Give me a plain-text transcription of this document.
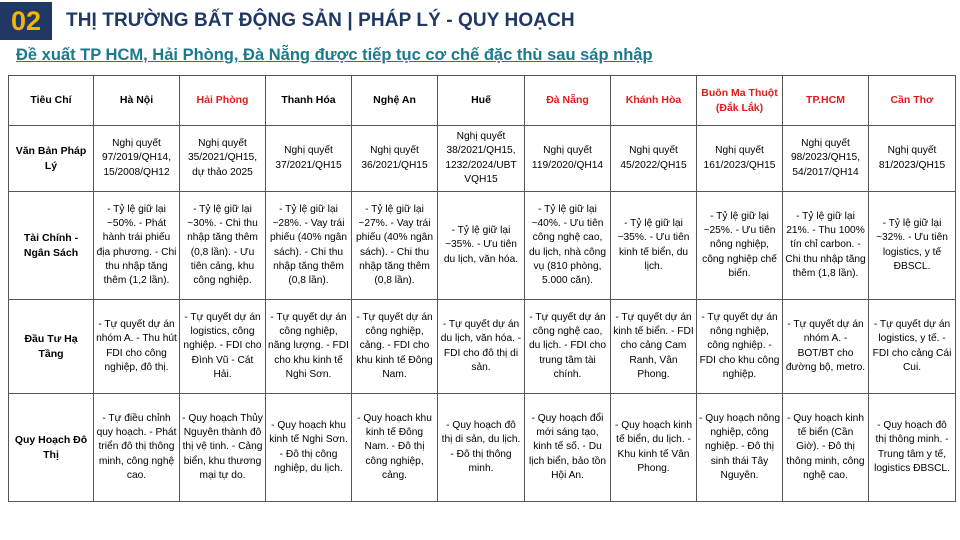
02	THỊ TRƯỜNG BẤT ĐỘNG SẢN | PHÁP LÝ - QUY HOẠCH
Đề xuất TP HCM, Hải Phòng, Đà Nẵng được tiếp tục cơ chế đặc thù sau sáp nhập
Tiêu Chí	Hà Nội	Hải Phòng	Thanh Hóa	Nghệ An	Huế	Đà Nẵng	Khánh Hòa	Buôn Ma Thuột (Đắk Lắk)	TP.HCM	Cần Thơ
Văn Bản Pháp Lý	Nghị quyết 97/2019/QH14, 15/2008/QH12	Nghị quyết 35/2021/QH15, dự thảo 2025	Nghị quyết 37/2021/QH15	Nghị quyết 36/2021/QH15	Nghị quyết 38/2021/QH15, 1232/2024/UBT VQH15	Nghị quyết 119/2020/QH14	Nghị quyết 45/2022/QH15	Nghị quyết 161/2023/QH15	Nghị quyết 98/2023/QH15, 54/2017/QH14	Nghị quyết 81/2023/QH15
Tài Chính - Ngân Sách	- Tỷ lệ giữ lại ~50%. - Phát hành trái phiếu địa phương. - Chi thu nhập tăng thêm (1,2 lần).	- Tỷ lệ giữ lại ~30%. - Chi thu nhập tăng thêm (0,8 lần). - Ưu tiên cảng, khu công nghiệp.	- Tỷ lệ giữ lại ~28%. - Vay trái phiếu (40% ngân sách). - Chi thu nhập tăng thêm (0,8 lần).	- Tỷ lệ giữ lại ~27%. - Vay trái phiếu (40% ngân sách). - Chi thu nhập tăng thêm (0,8 lần).	- Tỷ lệ giữ lại ~35%. - Ưu tiên du lịch, văn hóa.	- Tỷ lệ giữ lại ~40%. - Ưu tiên công nghệ cao, du lịch, nhà công vụ (810 phòng, 5.000 căn).	- Tỷ lệ giữ lại ~35%. - Ưu tiên kinh tế biển, du lịch.	- Tỷ lệ giữ lại ~25%. - Ưu tiên nông nghiệp, công nghiệp chế biến.	- Tỷ lệ giữ lại 21%. - Thu 100% tín chỉ carbon. - Chi thu nhập tăng thêm (1,8 lần).	- Tỷ lệ giữ lại ~32%. - Ưu tiên logistics, y tế ĐBSCL.
Đầu Tư Hạ Tầng	- Tự quyết dự án nhóm A. - Thu hút FDI cho công nghiệp, đô thị.	- Tự quyết dự án logistics, công nghiệp. - FDI cho Đình Vũ - Cát Hải.	- Tự quyết dự án công nghiệp, năng lượng. - FDI cho khu kinh tế Nghi Sơn.	- Tự quyết dự án công nghiệp, cảng. - FDI cho khu kinh tế Đông Nam.	- Tự quyết dự án du lịch, văn hóa. - FDI cho đô thị di sản.	- Tự quyết dự án công nghệ cao, du lịch. - FDI cho trung tâm tài chính.	- Tự quyết dự án kinh tế biển. - FDI cho cảng Cam Ranh, Vân Phong.	- Tự quyết dự án nông nghiệp, công nghiệp. - FDI cho khu công nghiệp.	- Tự quyết dự án nhóm A. - BOT/BT cho đường bộ, metro.	- Tự quyết dự án logistics, y tế. - FDI cho cảng Cái Cui.
Quy Hoạch Đô Thị	- Tự điều chỉnh quy hoạch. - Phát triển đô thị thông minh, công nghệ cao.	- Quy hoạch Thủy Nguyên thành đô thị vệ tinh. - Cảng biển, khu thương mại tự do.	- Quy hoạch khu kinh tế Nghi Sơn. - Đô thị công nghiệp, du lịch.	- Quy hoạch khu kinh tế Đông Nam. - Đô thị công nghiệp, cảng.	- Quy hoạch đô thị di sản, du lịch. - Đô thị thông minh.	- Quy hoạch đổi mới sáng tạo, kinh tế số. - Du lịch biển, bảo tồn Hội An.	- Quy hoạch kinh tế biển, du lịch. - Khu kinh tế Vân Phong.	- Quy hoạch nông nghiệp, công nghiệp. - Đô thị sinh thái Tây Nguyên.	- Quy hoạch kinh tế biển (Cần Giờ). - Đô thị thông minh, công nghệ cao.	- Quy hoạch đô thị thông minh. - Trung tâm y tế, logistics ĐBSCL.
